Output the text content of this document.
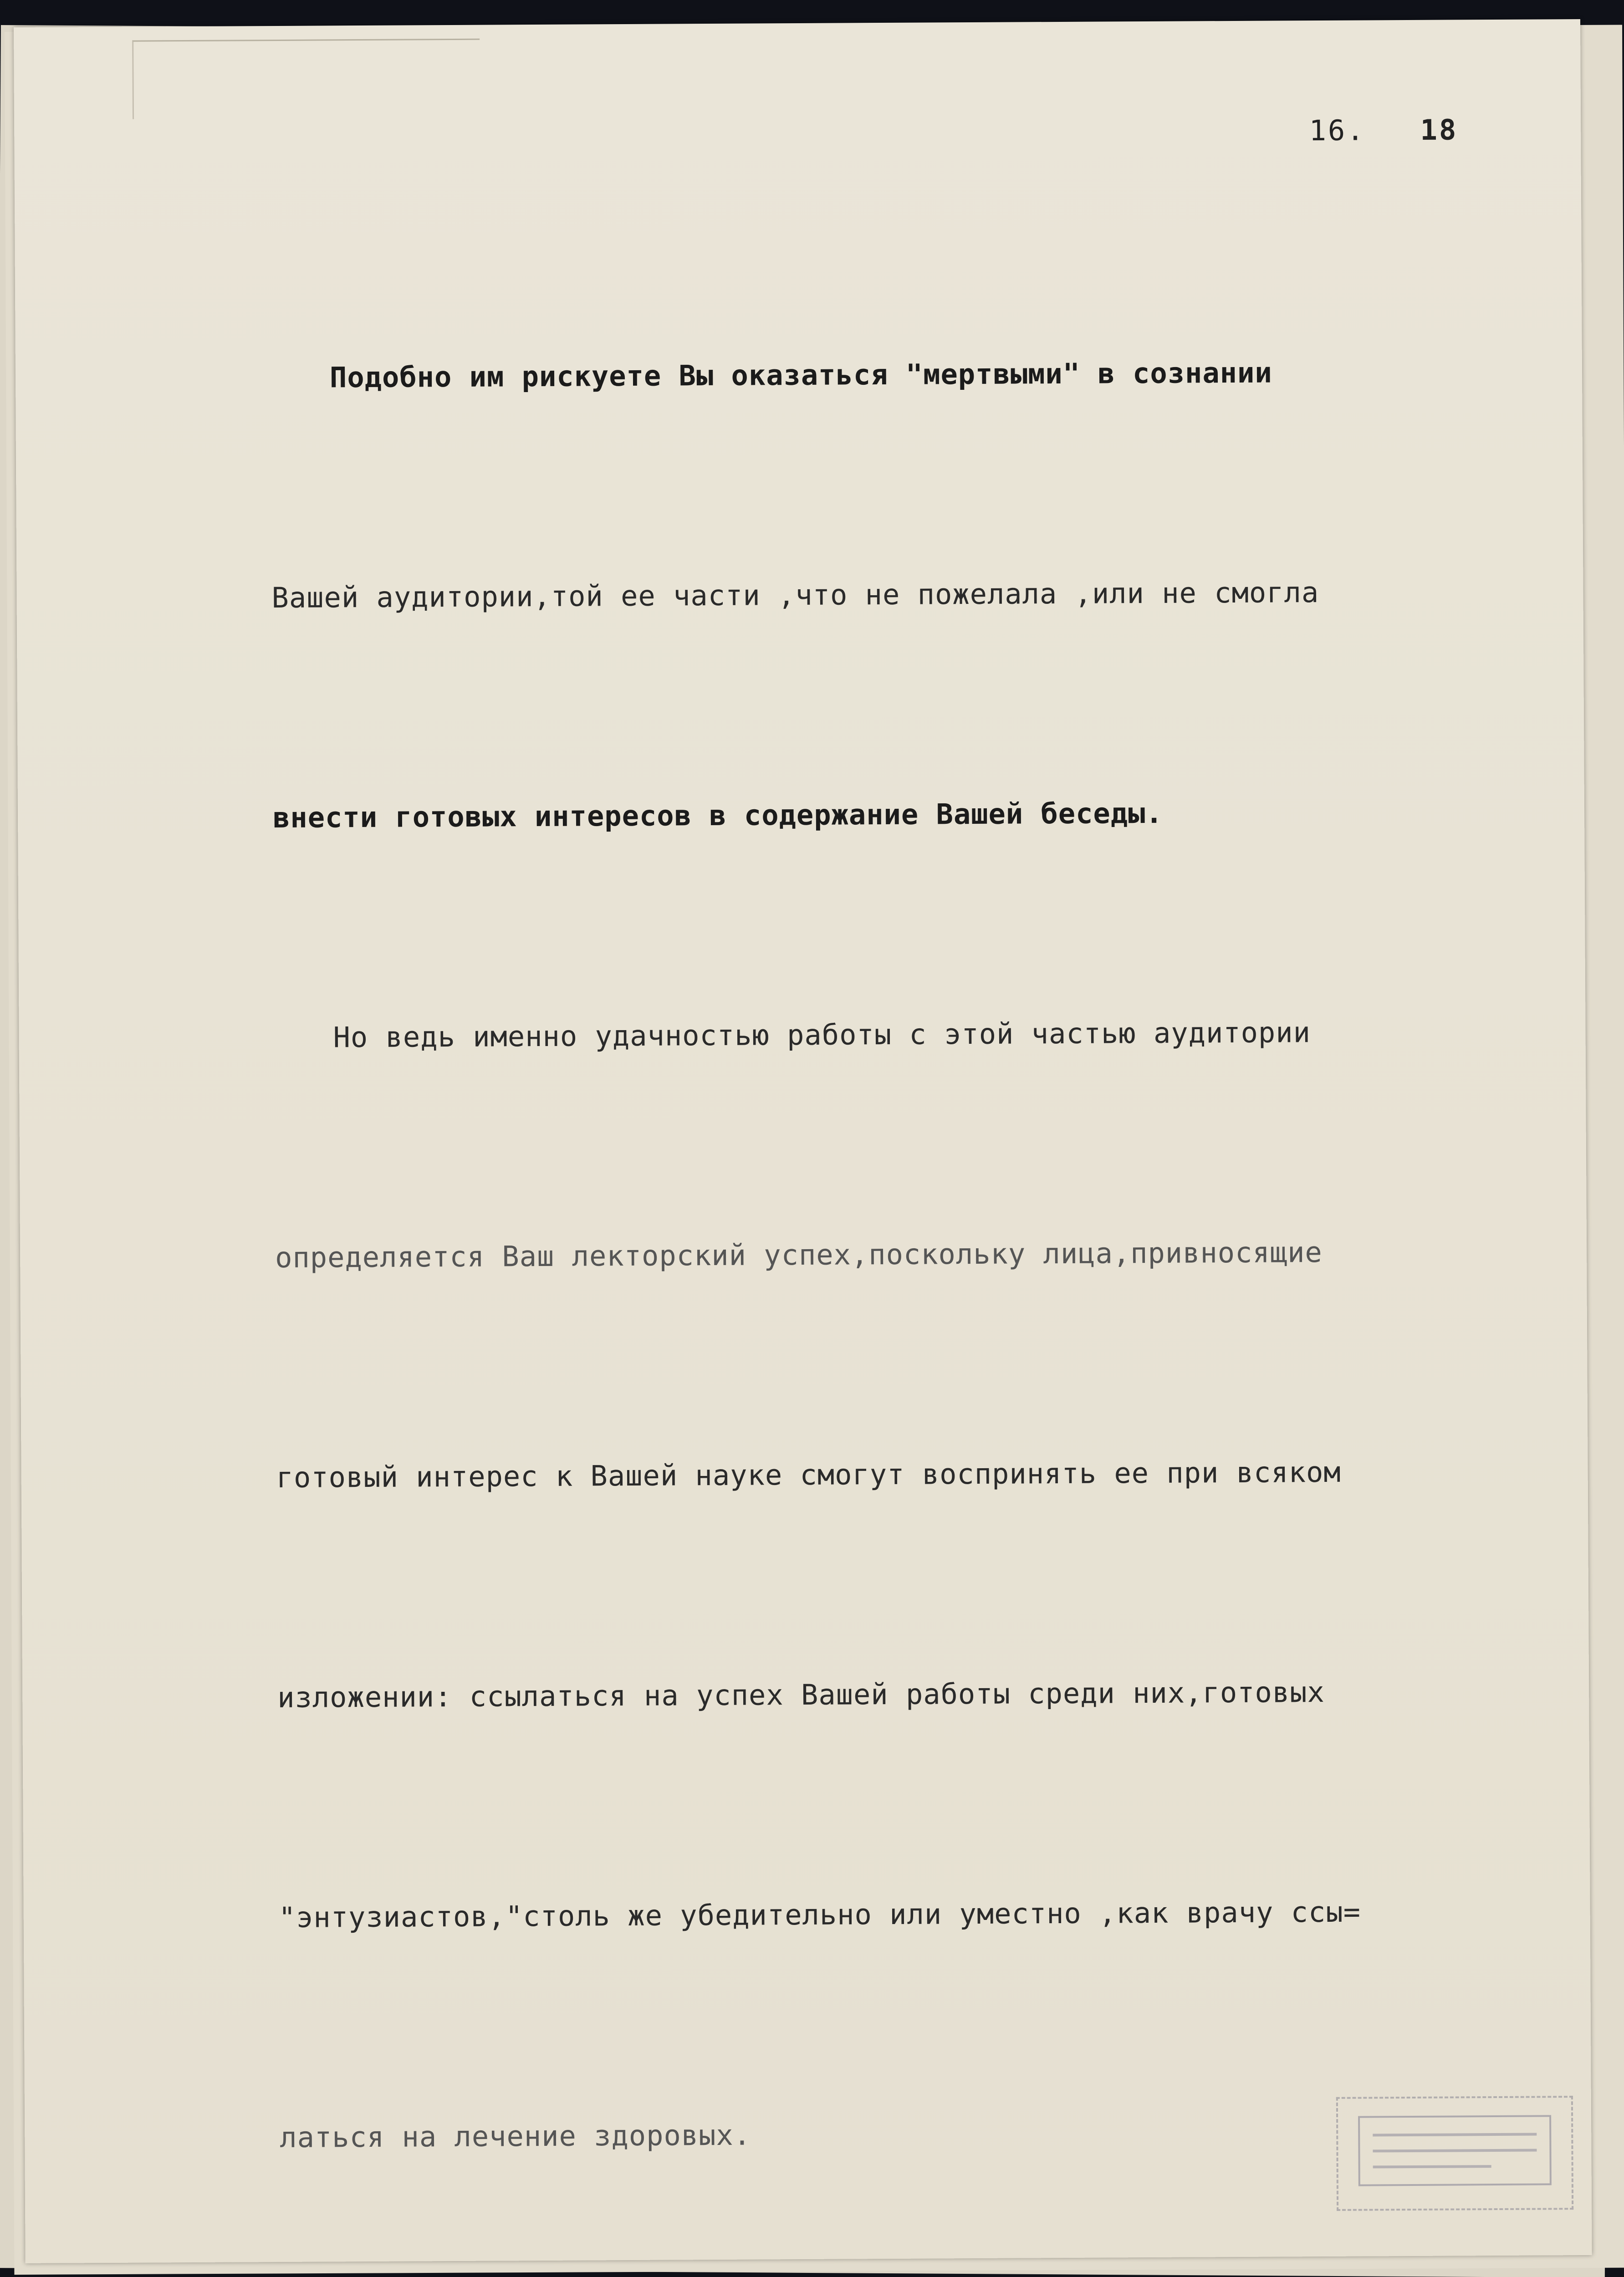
16. 18

Подобно им рискуете Вы оказаться "мертвыми" в сознании

Вашей аудитории,той ее части ,что не пожелала ,или не смогла

внести готовых интересов в содержание Вашей беседы.

Но ведь именно удачностью работы с этой частью аудитории

определяется Ваш лекторский успех,поскольку лица,привносящие

готовый интерес к Вашей науке смогут воспринять ее при всяком

изложении: ссылаться на успех Вашей работы среди них,готовых

"энтузиастов,"столь же убедительно или уместно ,как врачу ссы=

латься на лечение здоровых.
